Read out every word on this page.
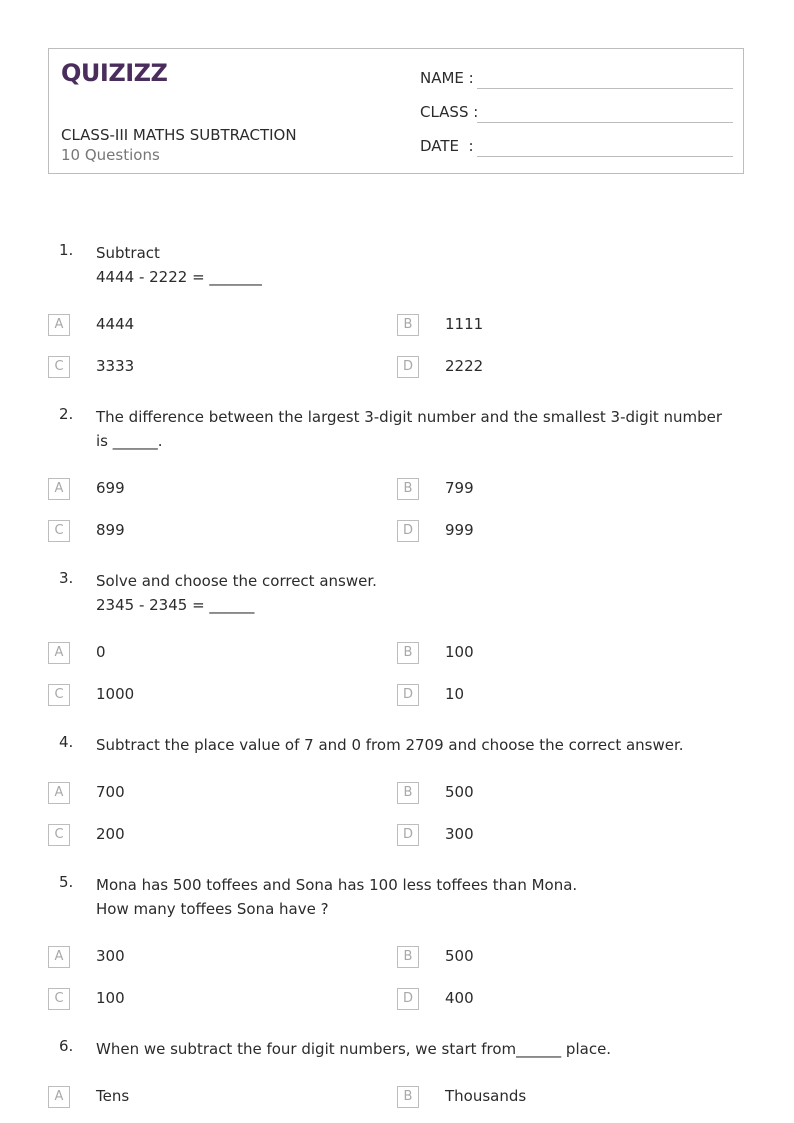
QUIZIZZ
CLASS-III MATHS SUBTRACTION
10 Questions
NAME :
CLASS :
DATE  :
1. Subtract
4444 - 2222 = _______
A	4444	B	1111
C	3333	D	2222
2. The difference between the largest 3-digit number and the smallest 3-digit number is ______.
A	699	B	799
C	899	D	999
3. Solve and choose the correct answer.
2345 - 2345 = ______
A	0	B	100
C	1000	D	10
4. Subtract the place value of 7 and 0 from 2709 and choose the correct answer.
A	700	B	500
C	200	D	300
5. Mona has 500 toffees and Sona has 100 less toffees than Mona.
How many toffees Sona have ?
A	300	B	500
C	100	D	400
6. When we subtract the four digit numbers, we start from______ place.
A	Tens	B	Thousands
